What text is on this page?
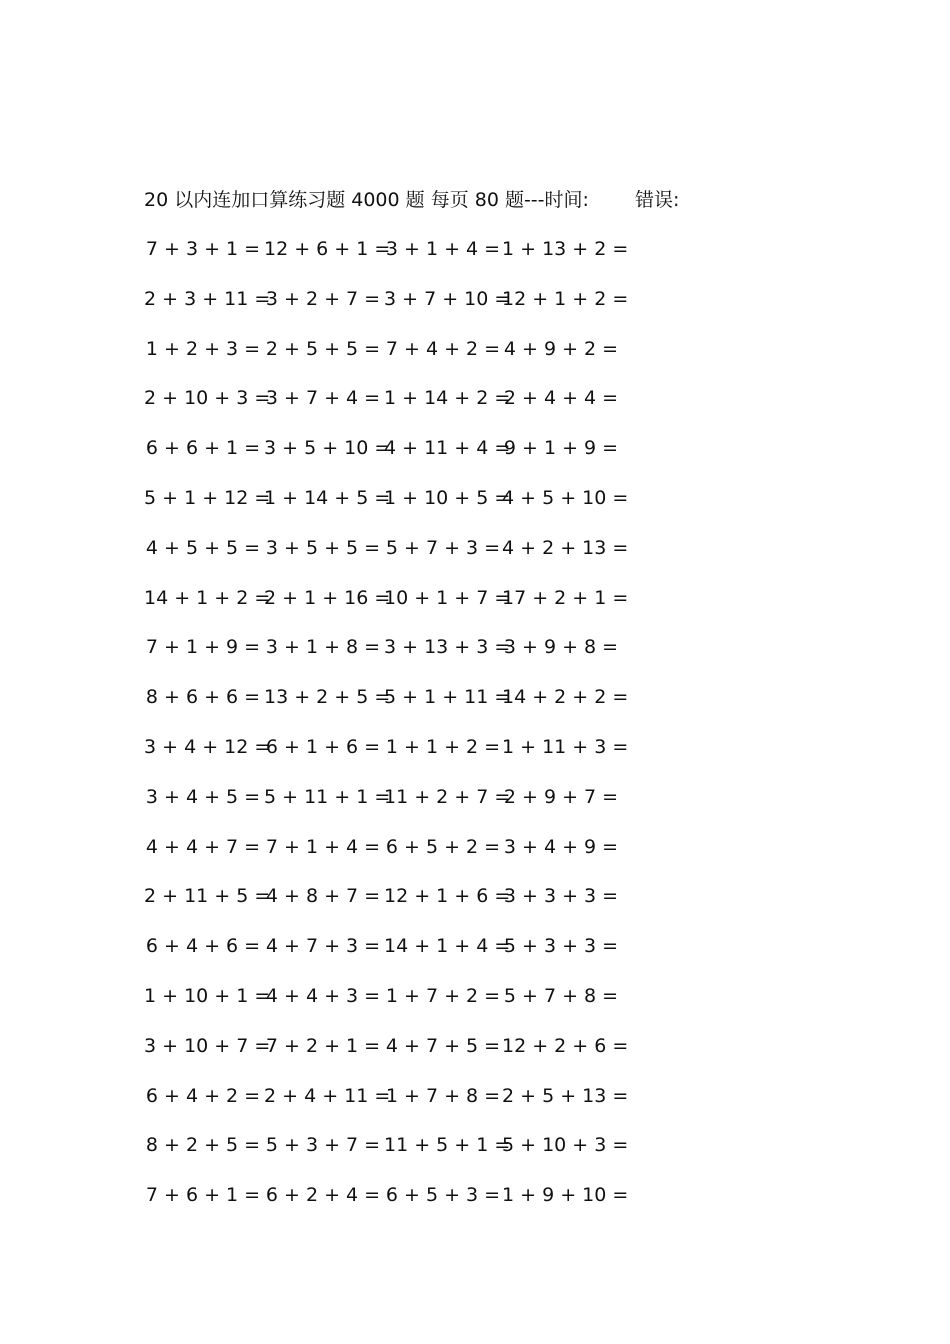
20 以内连加口算练习题 4000 题 每页 80 题---时间: 错误:
7 + 3 + 1 = 12 + 6 + 1 =
3 + 1 + 4 = 1 + 13 + 2 =
2 + 3 + 11 =
3 + 2 + 7 = 3 + 7 + 10 =
12 + 1 + 2 =
1 + 2 + 3 = 2 + 5 + 5 = 7 + 4 + 2 = 4 + 9 + 2 =
2 + 10 + 3 =
3 + 7 + 4 = 1 + 14 + 2 =
2 + 4 + 4 =
6 + 6 + 1 = 3 + 5 + 10 =
4 + 11 + 4 =
9 + 1 + 9 =
5 + 1 + 12 =
1 + 14 + 5 =
1 + 10 + 5 =
4 + 5 + 10 =
4 + 5 + 5 = 3 + 5 + 5 = 5 + 7 + 3 = 4 + 2 + 13 =
14 + 1 + 2 =
2 + 1 + 16 =
10 + 1 + 7 =
17 + 2 + 1 =
7 + 1 + 9 = 3 + 1 + 8 = 3 + 13 + 3 =
3 + 9 + 8 =
8 + 6 + 6 = 13 + 2 + 5 =
5 + 1 + 11 =
14 + 2 + 2 =
3 + 4 + 12 =
6 + 1 + 6 = 1 + 1 + 2 = 1 + 11 + 3 =
3 + 4 + 5 = 5 + 11 + 1 =
11 + 2 + 7 =
2 + 9 + 7 =
4 + 4 + 7 = 7 + 1 + 4 = 6 + 5 + 2 = 3 + 4 + 9 =
2 + 11 + 5 =
4 + 8 + 7 = 12 + 1 + 6 =
3 + 3 + 3 =
6 + 4 + 6 = 4 + 7 + 3 = 14 + 1 + 4 =
5 + 3 + 3 =
1 + 10 + 1 =
4 + 4 + 3 = 1 + 7 + 2 = 5 + 7 + 8 =
3 + 10 + 7 =
7 + 2 + 1 = 4 + 7 + 5 = 12 + 2 + 6 =
6 + 4 + 2 = 2 + 4 + 11 =
1 + 7 + 8 = 2 + 5 + 13 =
8 + 2 + 5 = 5 + 3 + 7 = 11 + 5 + 1 =
5 + 10 + 3 =
7 + 6 + 1 = 6 + 2 + 4 = 6 + 5 + 3 = 1 + 9 + 10 =
